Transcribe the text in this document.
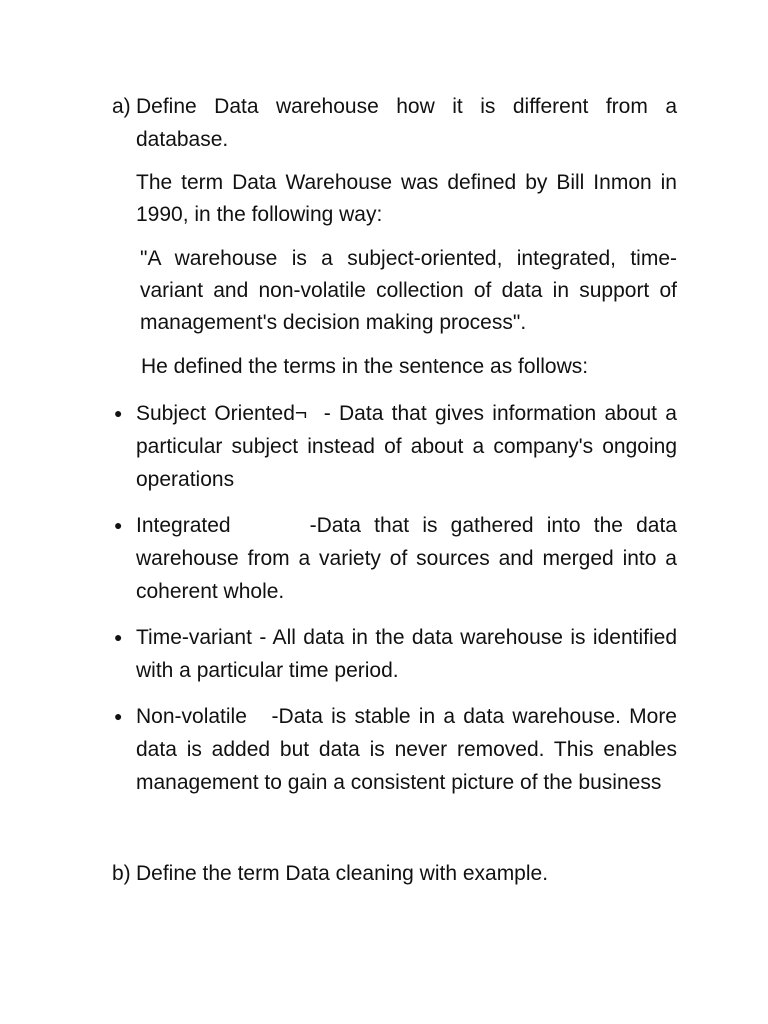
a) Define Data warehouse how it is different from a database.

The term Data Warehouse was defined by Bill Inmon in 1990, in the following way:

"A warehouse is a subject-oriented, integrated, time-variant and non-volatile collection of data in support of management's decision making process".

He defined the terms in the sentence as follows:

● Subject Oriented¬  - Data that gives information about a      particular subject instead of about a company's ongoing   operations
● Integrated      -Data that is gathered into the data warehouse from a variety of sources and merged into a coherent whole.
● Time-variant - All data in the data warehouse is identified with a particular time period.
● Non-volatile   -Data is stable in a data warehouse. More data is added but data is never removed. This enables management to gain a consistent picture of the business
b) Define the term Data cleaning with example.
